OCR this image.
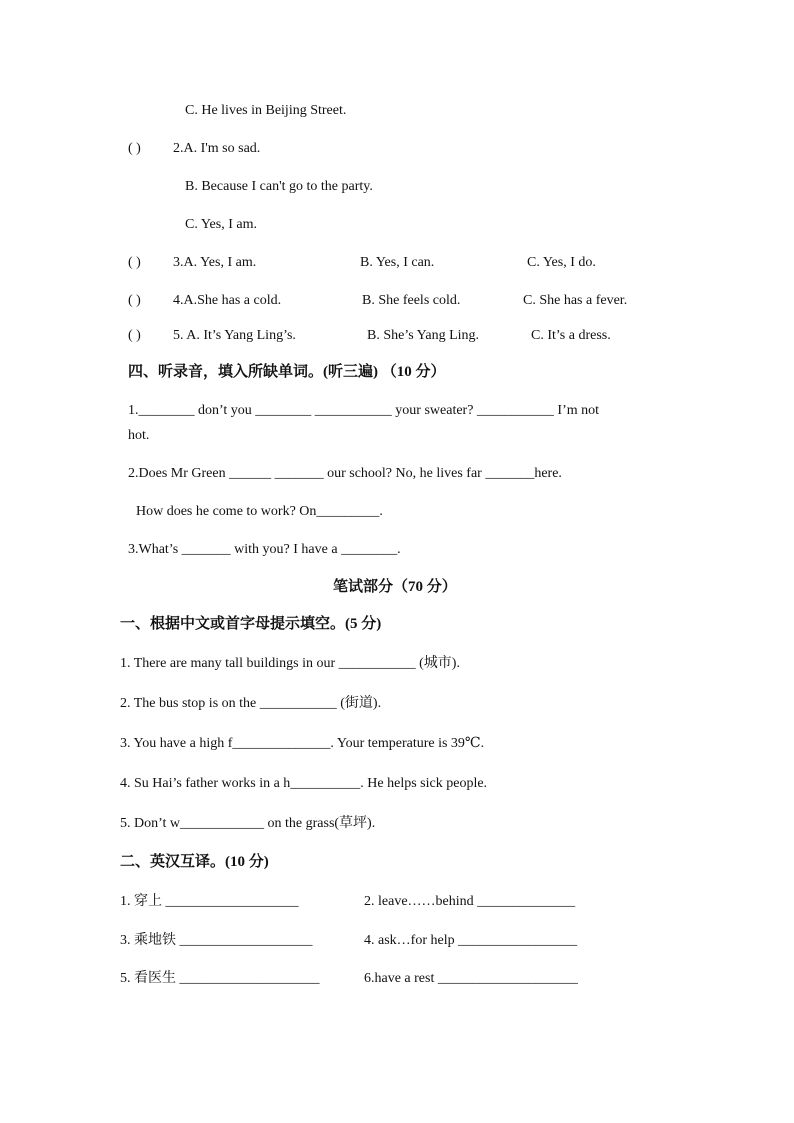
C. He lives in Beijing Street.
( ) 2.A. I'm so sad.
B. Because I can't go to the party.
C. Yes, I am.
( ) 3.A. Yes, I am.	B. Yes, I can.	C. Yes, I do.
( ) 4.A.She has a cold.	B. She feels cold.	C. She has a fever.
( ) 5. A. It’s Yang Ling’s.	B. She’s Yang Ling.	C. It’s a dress.
四、听录音，填入所缺单词。(听三遍) （10 分）
1.________ don’t you ________ ___________ your sweater? ___________ I’m not
hot.
2.Does Mr Green ______ _______ our school? No, he lives far _______here.
How does he come to work? On_________.
3.What’s _______ with you? I have a ________.
笔试部分（70 分）
一、根据中文或首字母提示填空。(5 分)
1. There are many tall buildings in our ___________ (城市).
2. The bus stop is on the ___________ (街道).
3. You have a high f______________. Your temperature is 39℃.
4. Su Hai’s father works in a h__________. He helps sick people.
5. Don’t w____________ on the grass(草坪).
二、英汉互译。(10 分)
1. 穿上 ___________________	2. leave……behind ______________
3. 乘地铁 ___________________	4. ask…for help _________________
5. 看医生 ____________________	6.have a rest ____________________
